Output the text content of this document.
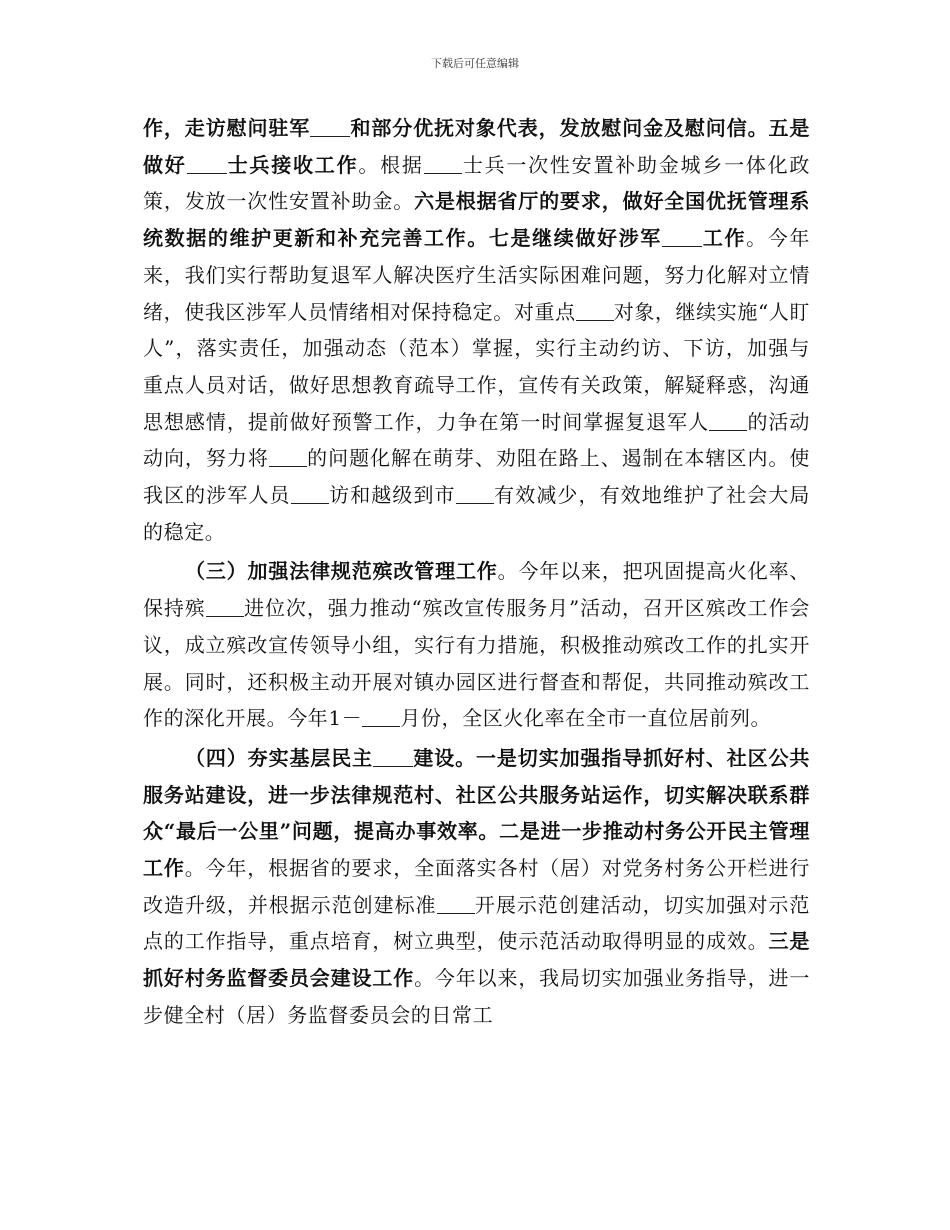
下载后可任意编辑

作，走访慰问驻军 和部分优抚对象代表，发放慰问金及慰问信。五是做好 士兵接收工作。根据 士兵一次性安置补助金城乡一体化政策，发放一次性安置补助金。六是根据省厅的要求，做好全国优抚管理系统数据的维护更新和补充完善工作。七是继续做好涉军 工作。今年来，我们实行帮助复退军人解决医疗生活实际困难问题，努力化解对立情绪，使我区涉军人员情绪相对保持稳定。对重点 对象，继续实施“人盯人”，落实责任，加强动态（范本）掌握，实行主动约访、下访，加强与重点人员对话，做好思想教育疏导工作，宣传有关政策，解疑释惑，沟通思想感情，提前做好预警工作，力争在第一时间掌握复退军人 的活动动向，努力将 的问题化解在萌芽、劝阻在路上、遏制在本辖区内。使我区的涉军人员 访和越级到市 有效减少，有效地维护了社会大局的稳定。

（三）加强法律规范殡改管理工作。今年以来，把巩固提高火化率、保持殡 进位次，强力推动“殡改宣传服务月”活动，召开区殡改工作会议，成立殡改宣传领导小组，实行有力措施，积极推动殡改工作的扎实开展。同时，还积极主动开展对镇办园区进行督查和帮促，共同推动殡改工作的深化开展。今年1－ 月份，全区火化率在全市一直位居前列。

（四）夯实基层民主 建设。一是切实加强指导抓好村、社区公共服务站建设，进一步法律规范村、社区公共服务站运作，切实解决联系群众“最后一公里”问题，提高办事效率。二是进一步推动村务公开民主管理工作。今年，根据省的要求，全面落实各村（居）对党务村务公开栏进行改造升级，并根据示范创建标准 开展示范创建活动，切实加强对示范点的工作指导，重点培育，树立典型，使示范活动取得明显的成效。三是抓好村务监督委员会建设工作。今年以来，我局切实加强业务指导，进一步健全村（居）务监督委员会的日常工
